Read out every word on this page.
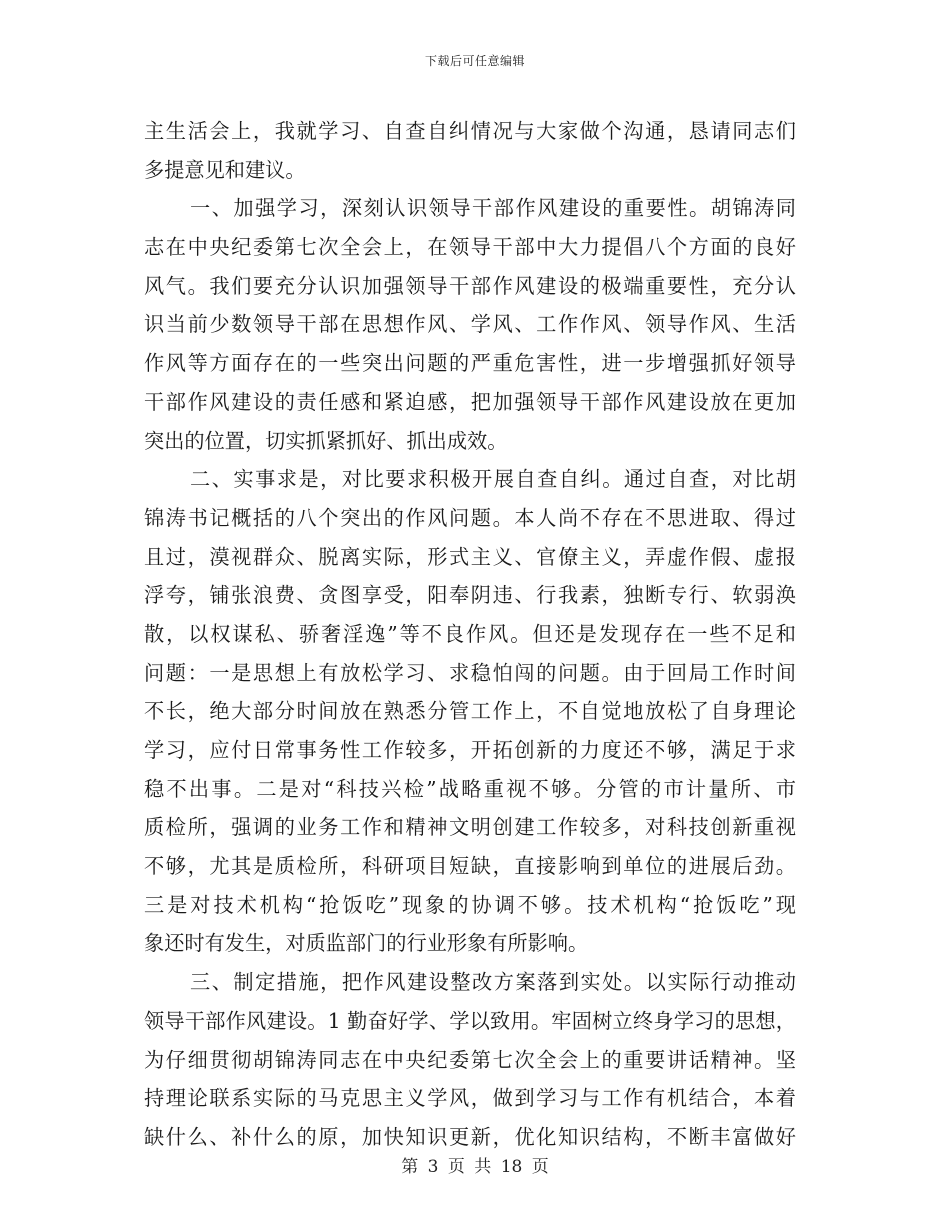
下载后可任意编辑
主生活会上，我就学习、自查自纠情况与大家做个沟通，恳请同志们
多提意见和建议。
一、加强学习，深刻认识领导干部作风建设的重要性。胡锦涛同
志在中央纪委第七次全会上，在领导干部中大力提倡八个方面的良好
风气。我们要充分认识加强领导干部作风建设的极端重要性，充分认
识当前少数领导干部在思想作风、学风、工作作风、领导作风、生活
作风等方面存在的一些突出问题的严重危害性，进一步增强抓好领导
干部作风建设的责任感和紧迫感，把加强领导干部作风建设放在更加
突出的位置，切实抓紧抓好、抓出成效。
二、实事求是，对比要求积极开展自查自纠。通过自查，对比胡
锦涛书记概括的八个突出的作风问题。本人尚不存在不思进取、得过
且过，漠视群众、脱离实际，形式主义、官僚主义，弄虚作假、虚报
浮夸，铺张浪费、贪图享受，阳奉阴违、行我素，独断专行、软弱涣
散，以权谋私、骄奢淫逸”等不良作风。但还是发现存在一些不足和
问题：一是思想上有放松学习、求稳怕闯的问题。由于回局工作时间
不长，绝大部分时间放在熟悉分管工作上，不自觉地放松了自身理论
学习，应付日常事务性工作较多，开拓创新的力度还不够，满足于求
稳不出事。二是对“科技兴检”战略重视不够。分管的市计量所、市
质检所，强调的业务工作和精神文明创建工作较多，对科技创新重视
不够，尤其是质检所，科研项目短缺，直接影响到单位的进展后劲。
三是对技术机构“抢饭吃”现象的协调不够。技术机构“抢饭吃”现
象还时有发生，对质监部门的行业形象有所影响。
三、制定措施，把作风建设整改方案落到实处。以实际行动推动
领导干部作风建设。1 勤奋好学、学以致用。牢固树立终身学习的思想，
为仔细贯彻胡锦涛同志在中央纪委第七次全会上的重要讲话精神。坚
持理论联系实际的马克思主义学风，做到学习与工作有机结合，本着
缺什么、补什么的原，加快知识更新，优化知识结构，不断丰富做好
第 3 页 共 18 页
